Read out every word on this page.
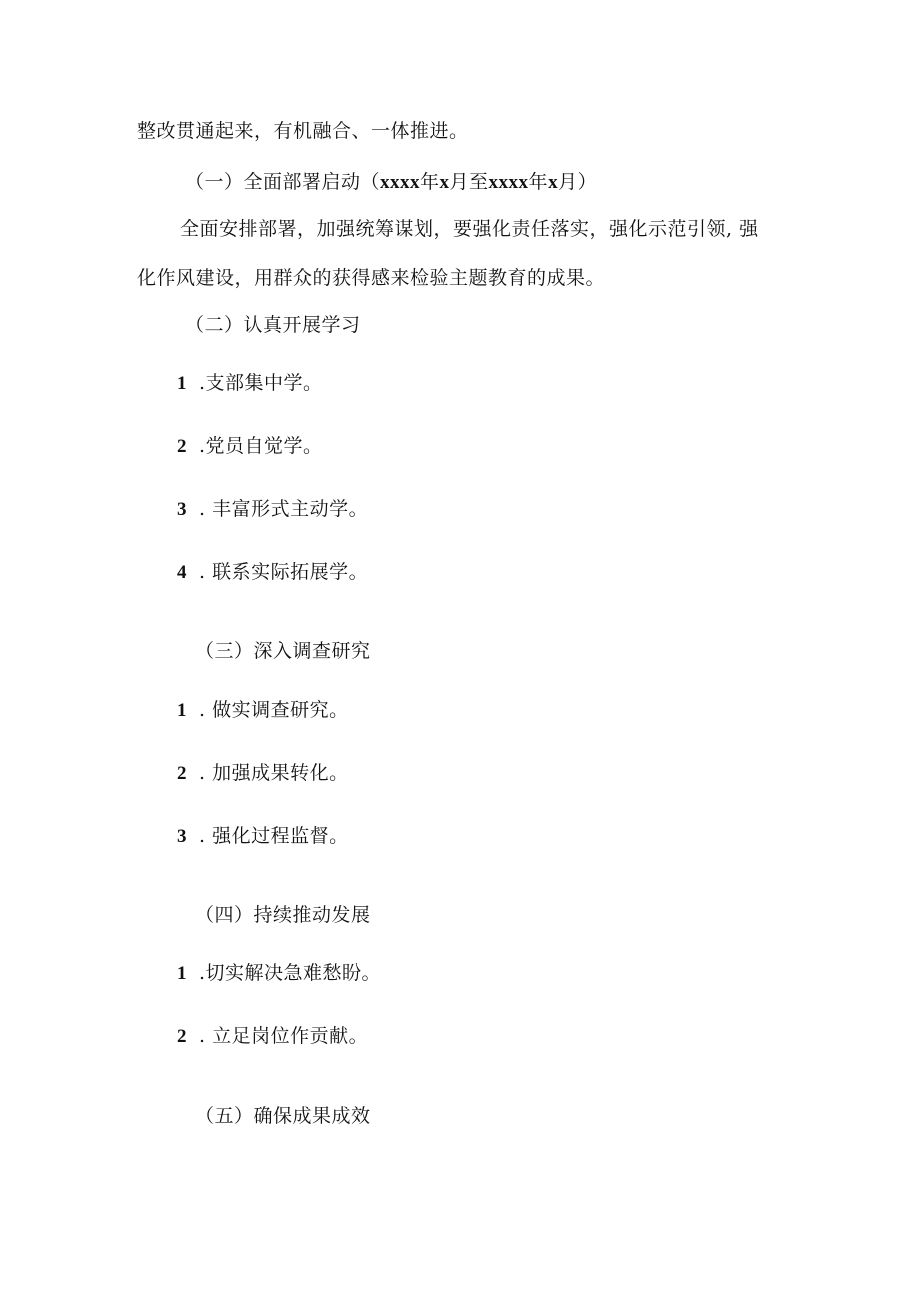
整改贯通起来，有机融合、一体推进。
（一）全面部署启动（xxxx年x月至xxxx年x月）
全面安排部署，加强统筹谋划，要强化责任落实，强化示范引领, 强
化作风建设，用群众的获得感来检验主题教育的成果。
（二）认真开展学习
1 .支部集中学。
2 .党员自觉学。
3 . 丰富形式主动学。
4 . 联系实际拓展学。
（三）深入调查研究
1 . 做实调查研究。
2 . 加强成果转化。
3 . 强化过程监督。
（四）持续推动发展
1 .切实解决急难愁盼。
2 . 立足岗位作贡献。
（五）确保成果成效
